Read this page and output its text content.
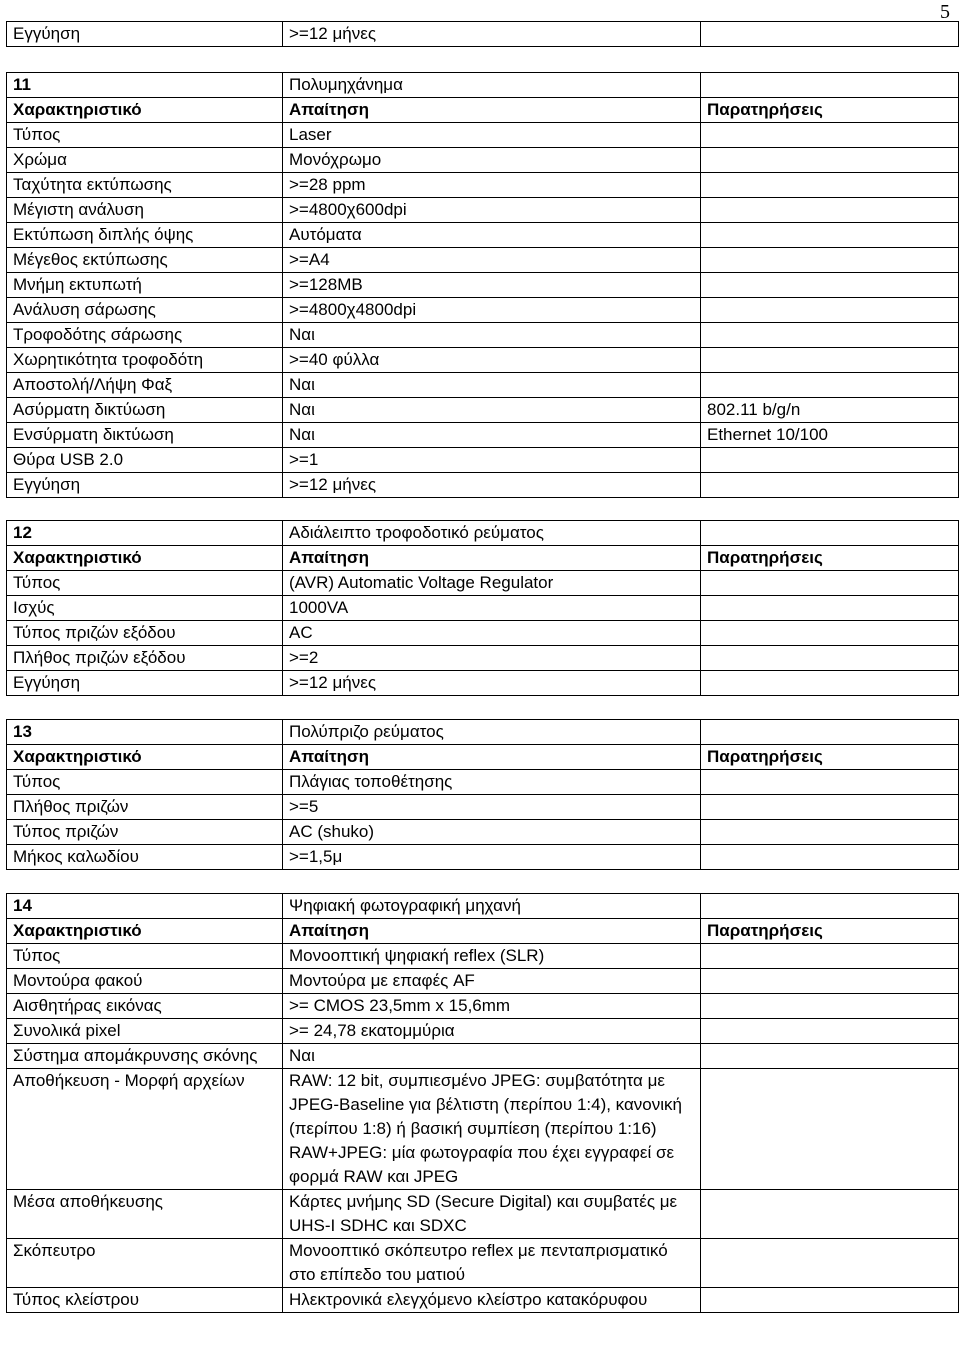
5
Εγγύηση	>=12 μήνες	
11	Πολυμηχάνημα	
Χαρακτηριστικό	Απαίτηση	Παρατηρήσεις
Τύπος	Laser	
Χρώμα	Μονόχρωμο	
Ταχύτητα εκτύπωσης	>=28 ppm	
Μέγιστη ανάλυση	>=4800χ600dpi	
Εκτύπωση διπλής όψης	Αυτόματα	
Μέγεθος εκτύπωσης	>=A4	
Μνήμη εκτυπωτή	>=128MB	
Ανάλυση σάρωσης	>=4800χ4800dpi	
Τροφοδότης σάρωσης	Ναι	
Χωρητικότητα τροφοδότη	>=40 φύλλα	
Αποστολή/Λήψη Φαξ	Ναι	
Ασύρματη δικτύωση	Ναι	802.11 b/g/n
Ενσύρματη δικτύωση	Ναι	Ethernet 10/100
Θύρα USB 2.0	>=1	
Εγγύηση	>=12 μήνες	
12	Αδιάλειπτο τροφοδοτικό ρεύματος	
Χαρακτηριστικό	Απαίτηση	Παρατηρήσεις
Τύπος	(AVR) Automatic Voltage Regulator	
Ισχύς	1000VA	
Τύπος πριζών εξόδου	AC	
Πλήθος πριζών εξόδου	>=2	
Εγγύηση	>=12 μήνες	
13	Πολύπριζο ρεύματος	
Χαρακτηριστικό	Απαίτηση	Παρατηρήσεις
Τύπος	Πλάγιας τοποθέτησης	
Πλήθος πριζών	>=5	
Τύπος πριζών	AC (shuko)	
Μήκος καλωδίου	>=1,5μ	
14	Ψηφιακή φωτογραφική μηχανή	
Χαρακτηριστικό	Απαίτηση	Παρατηρήσεις
Τύπος	Μονοοπτική ψηφιακή reflex (SLR)	
Μοντούρα φακού	Μοντούρα με επαφές AF	
Αισθητήρας εικόνας	>= CMOS 23,5mm x 15,6mm	
Συνολικά pixel	>= 24,78 εκατομμύρια	
Σύστημα απομάκρυνσης σκόνης	Ναι	
Αποθήκευση - Μορφή αρχείων	RAW: 12 bit, συμπιεσμένο JPEG: συμβατότητα με JPEG-Baseline για βέλτιστη (περίπου 1:4), κανονική (περίπου 1:8) ή βασική συμπίεση (περίπου 1:16) RAW+JPEG: μία φωτογραφία που έχει εγγραφεί σε φορμά RAW και JPEG	
Μέσα αποθήκευσης	Κάρτες μνήμης SD (Secure Digital) και συμβατές με UHS-I SDHC και SDXC	
Σκόπευτρο	Μονοοπτικό σκόπευτρο reflex με πενταπρισματικό στο επίπεδο του ματιού	
Τύπος κλείστρου	Ηλεκτρονικά ελεγχόμενο κλείστρο κατακόρυφου	
